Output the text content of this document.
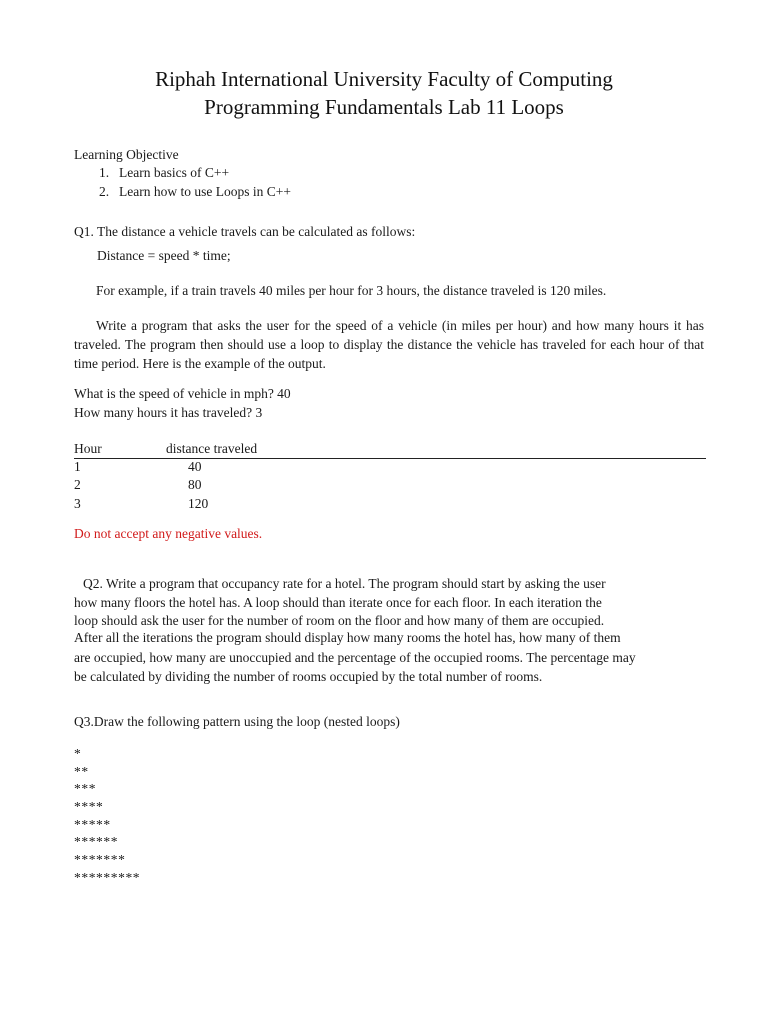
Riphah International University Faculty of Computing
Programming Fundamentals Lab 11 Loops
Learning Objective
1. Learn basics of C++
2. Learn how to use Loops in C++
Q1. The distance a vehicle travels can be calculated as follows:
Distance = speed * time;
For example, if a train travels 40 miles per hour for 3 hours, the distance traveled is 120 miles.
Write a program that asks the user for the speed of a vehicle (in miles per hour) and how many hours it has traveled. The program then should use a loop to display the distance the vehicle has traveled for each hour of that time period. Here is the example of the output.
What is the speed of vehicle in mph? 40
How many hours it has traveled? 3
Hour	distance traveled
1	40
2	80
3	120
Do not accept any negative values.
Q2. Write a program that occupancy rate for a hotel. The program should start by asking the user
how many floors the hotel has. A loop should than iterate once for each floor. In each iteration the
loop should ask the user for the number of room on the floor and how many of them are occupied.
After all the iterations the program should display how many rooms the hotel has, how many of them
are occupied, how many are unoccupied and the percentage of the occupied rooms. The percentage may
be calculated by dividing the number of rooms occupied by the total number of rooms.
Q3.Draw the following pattern using the loop (nested loops)
*
**
***
****
*****
******
*******
*********
